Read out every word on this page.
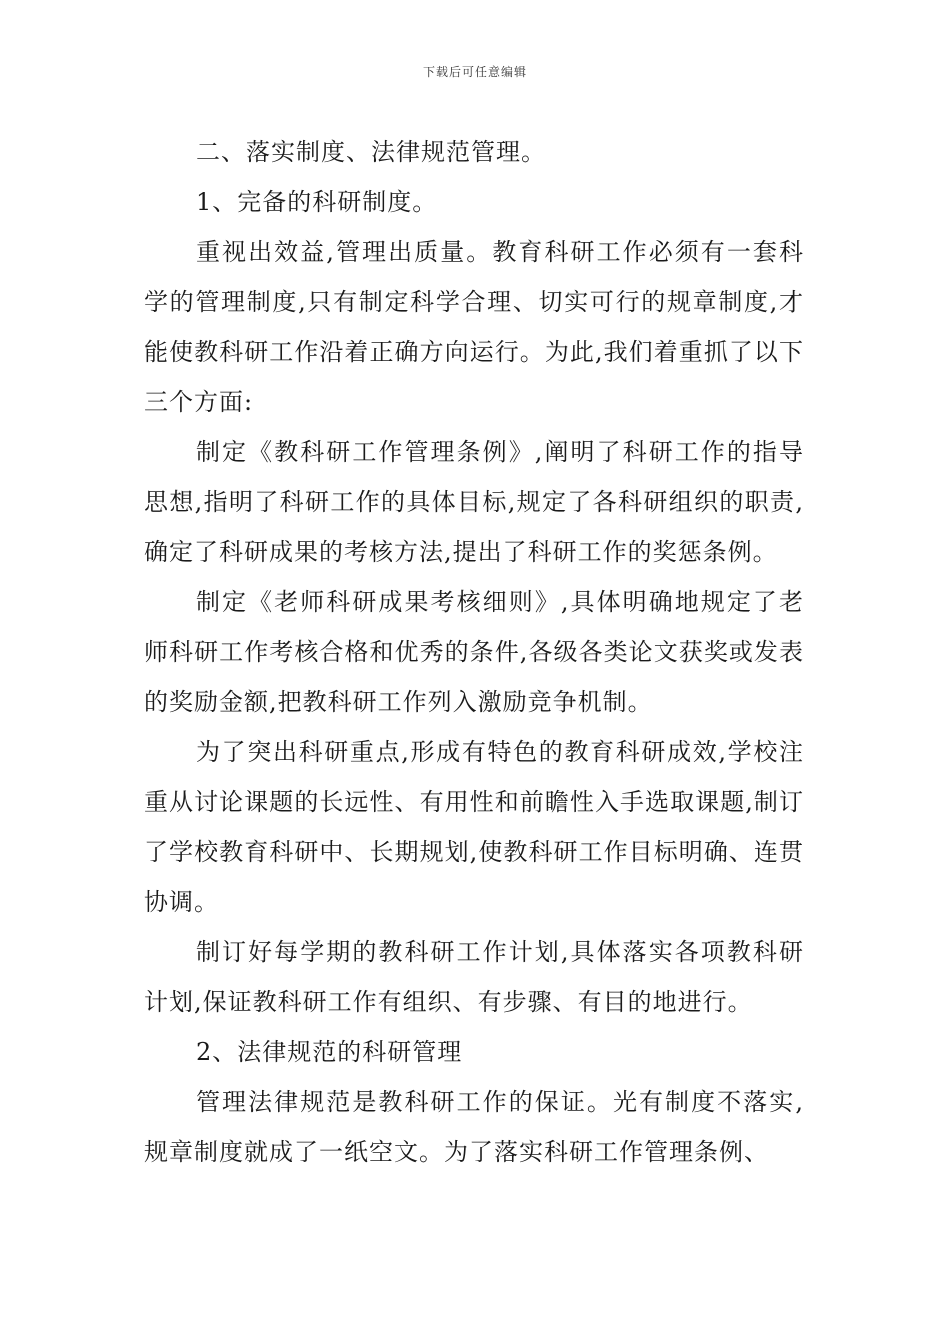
下载后可任意编辑

二、落实制度、法律规范管理。

1、完备的科研制度。

重视出效益,管理出质量。教育科研工作必须有一套科学的管理制度,只有制定科学合理、切实可行的规章制度,才能使教科研工作沿着正确方向运行。为此,我们着重抓了以下三个方面:

制定《教科研工作管理条例》,阐明了科研工作的指导思想,指明了科研工作的具体目标,规定了各科研组织的职责,确定了科研成果的考核方法,提出了科研工作的奖惩条例。

制定《老师科研成果考核细则》,具体明确地规定了老师科研工作考核合格和优秀的条件,各级各类论文获奖或发表的奖励金额,把教科研工作列入激励竞争机制。

为了突出科研重点,形成有特色的教育科研成效,学校注重从讨论课题的长远性、有用性和前瞻性入手选取课题,制订了学校教育科研中、长期规划,使教科研工作目标明确、连贯协调。

制订好每学期的教科研工作计划,具体落实各项教科研计划,保证教科研工作有组织、有步骤、有目的地进行。

2、法律规范的科研管理

管理法律规范是教科研工作的保证。光有制度不落实,规章制度就成了一纸空文。为了落实科研工作管理条例、
